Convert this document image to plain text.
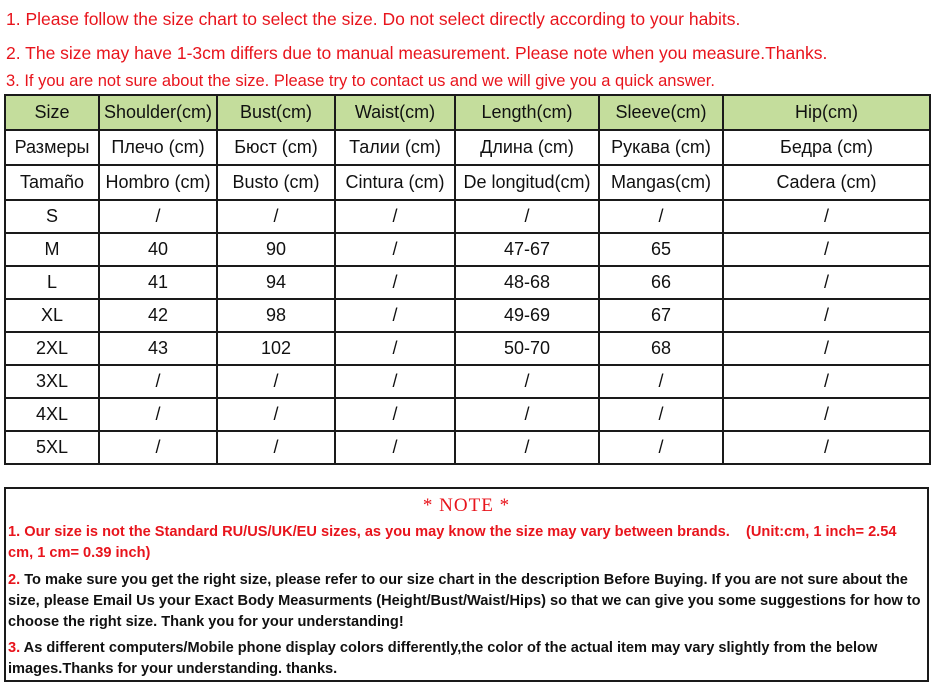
1. Please follow the size chart to select the size. Do not select directly according to your habits.
2. The size may have 1-3cm differs due to manual measurement. Please note when you measure.Thanks.
3. If you are not sure about the size. Please try to contact us and we will give you a quick answer.
Size	Shoulder(cm)	Bust(cm)	Waist(cm)	Length(cm)	Sleeve(cm)	Hip(cm)
Размеры	Плечо (cm)	Бюст (cm)	Талии (cm)	Длина (cm)	Рукава (cm)	Бедра (cm)
Tamaño	Hombro (cm)	Busto (cm)	Cintura (cm)	De longitud(cm)	Mangas(cm)	Cadera (cm)
S	/	/	/	/	/	/
M	40	90	/	47-67	65	/
L	41	94	/	48-68	66	/
XL	42	98	/	49-69	67	/
2XL	43	102	/	50-70	68	/
3XL	/	/	/	/	/	/
4XL	/	/	/	/	/	/
5XL	/	/	/	/	/	/
* NOTE *
1. Our size is not the Standard RU/US/UK/EU sizes, as you may know the size may vary between brands. (Unit:cm, 1 inch= 2.54 cm, 1 cm= 0.39 inch)
2. To make sure you get the right size, please refer to our size chart in the description Before Buying. If you are not sure about the size, please Email Us your Exact Body Measurments (Height/Bust/Waist/Hips) so that we can give you some suggestions for how to choose the right size. Thank you for your understanding!
3. As different computers/Mobile phone display colors differently,the color of the actual item may vary slightly from the below images.Thanks for your understanding. thanks.
